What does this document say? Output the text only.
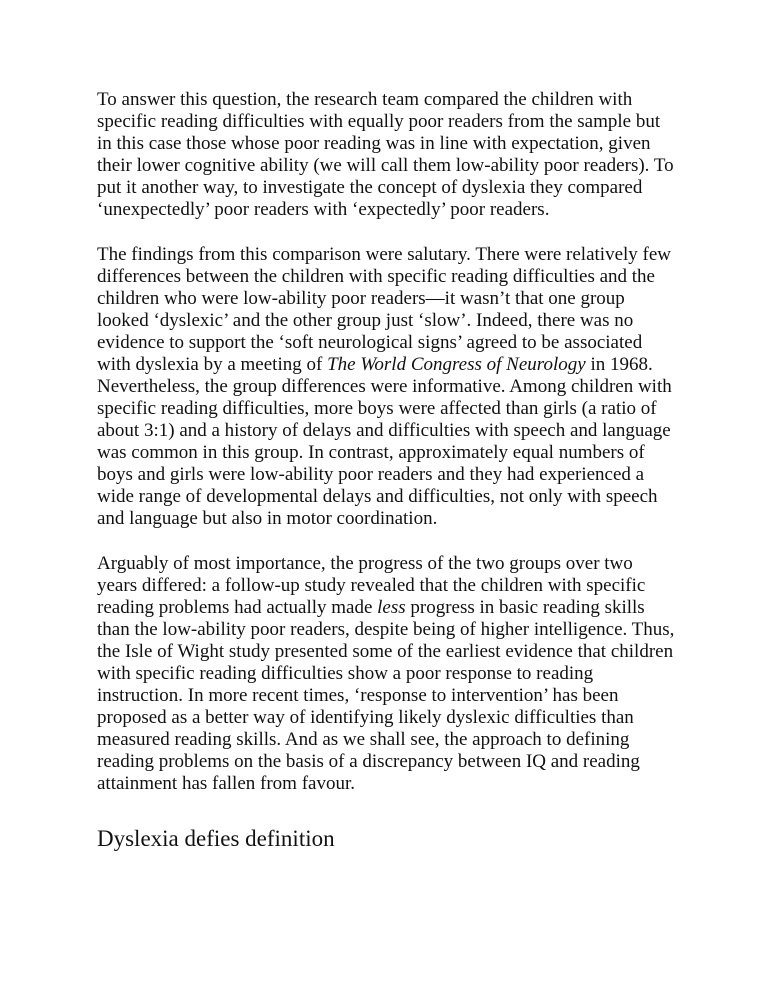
To answer this question, the research team compared the children with
specific reading difficulties with equally poor readers from the sample but
in this case those whose poor reading was in line with expectation, given
their lower cognitive ability (we will call them low-ability poor readers). To
put it another way, to investigate the concept of dyslexia they compared
‘unexpectedly’ poor readers with ‘expectedly’ poor readers.
The findings from this comparison were salutary. There were relatively few
differences between the children with specific reading difficulties and the
children who were low-ability poor readers—it wasn’t that one group
looked ‘dyslexic’ and the other group just ‘slow’. Indeed, there was no
evidence to support the ‘soft neurological signs’ agreed to be associated
with dyslexia by a meeting of The World Congress of Neurology in 1968.
Nevertheless, the group differences were informative. Among children with
specific reading difficulties, more boys were affected than girls (a ratio of
about 3:1) and a history of delays and difficulties with speech and language
was common in this group. In contrast, approximately equal numbers of
boys and girls were low-ability poor readers and they had experienced a
wide range of developmental delays and difficulties, not only with speech
and language but also in motor coordination.
Arguably of most importance, the progress of the two groups over two
years differed: a follow-up study revealed that the children with specific
reading problems had actually made less progress in basic reading skills
than the low-ability poor readers, despite being of higher intelligence. Thus,
the Isle of Wight study presented some of the earliest evidence that children
with specific reading difficulties show a poor response to reading
instruction. In more recent times, ‘response to intervention’ has been
proposed as a better way of identifying likely dyslexic difficulties than
measured reading skills. And as we shall see, the approach to defining
reading problems on the basis of a discrepancy between IQ and reading
attainment has fallen from favour.
Dyslexia defies definition
